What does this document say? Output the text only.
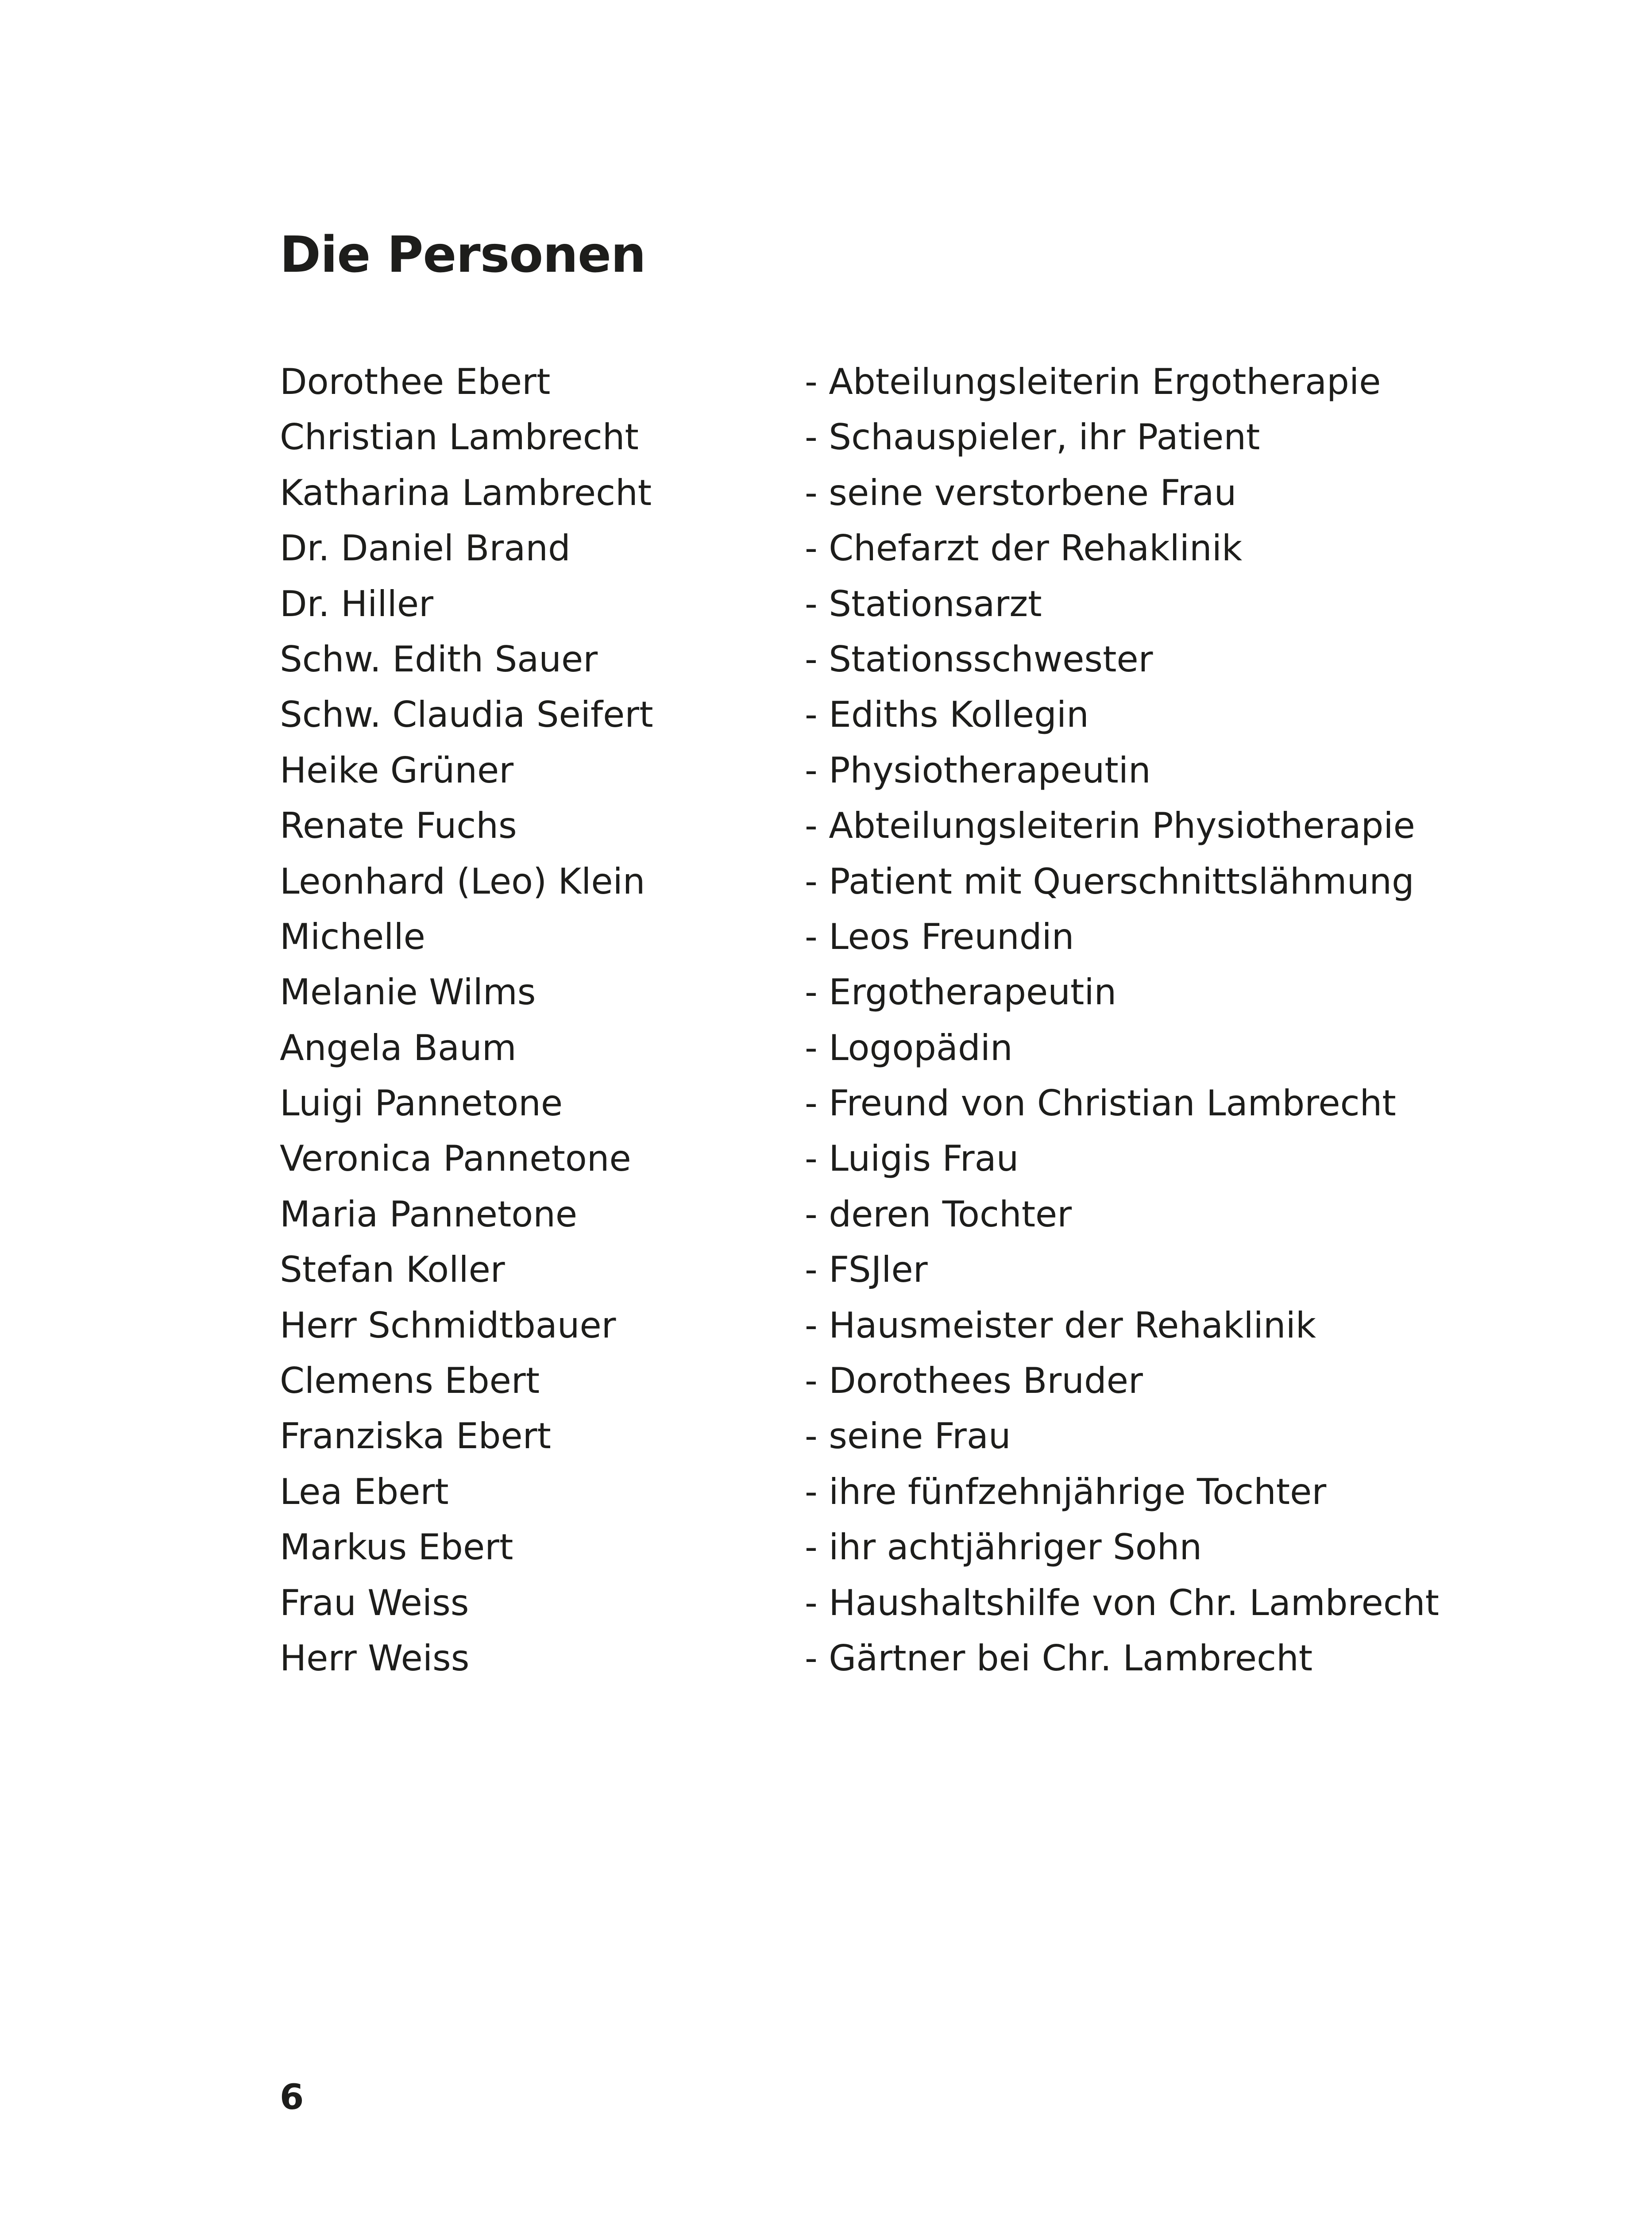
Die Personen
Dorothee Ebert	- Abteilungsleiterin Ergotherapie
Christian Lambrecht	- Schauspieler, ihr Patient
Katharina Lambrecht	- seine verstorbene Frau
Dr. Daniel Brand	- Chefarzt der Rehaklinik
Dr. Hiller	- Stationsarzt
Schw. Edith Sauer	- Stationsschwester
Schw. Claudia Seifert	- Ediths Kollegin
Heike Grüner	- Physiotherapeutin
Renate Fuchs	- Abteilungsleiterin Physiotherapie
Leonhard (Leo) Klein	- Patient mit Querschnittslähmung
Michelle	- Leos Freundin
Melanie Wilms	- Ergotherapeutin
Angela Baum	- Logopädin
Luigi Pannetone	- Freund von Christian Lambrecht
Veronica Pannetone	- Luigis Frau
Maria Pannetone	- deren Tochter
Stefan Koller	- FSJler
Herr Schmidtbauer	- Hausmeister der Rehaklinik
Clemens Ebert	- Dorothees Bruder
Franziska Ebert	- seine Frau
Lea Ebert	- ihre fünfzehnjährige Tochter
Markus Ebert	- ihr achtjähriger Sohn
Frau Weiss	- Haushaltshilfe von Chr. Lambrecht
Herr Weiss	- Gärtner bei Chr. Lambrecht
6
